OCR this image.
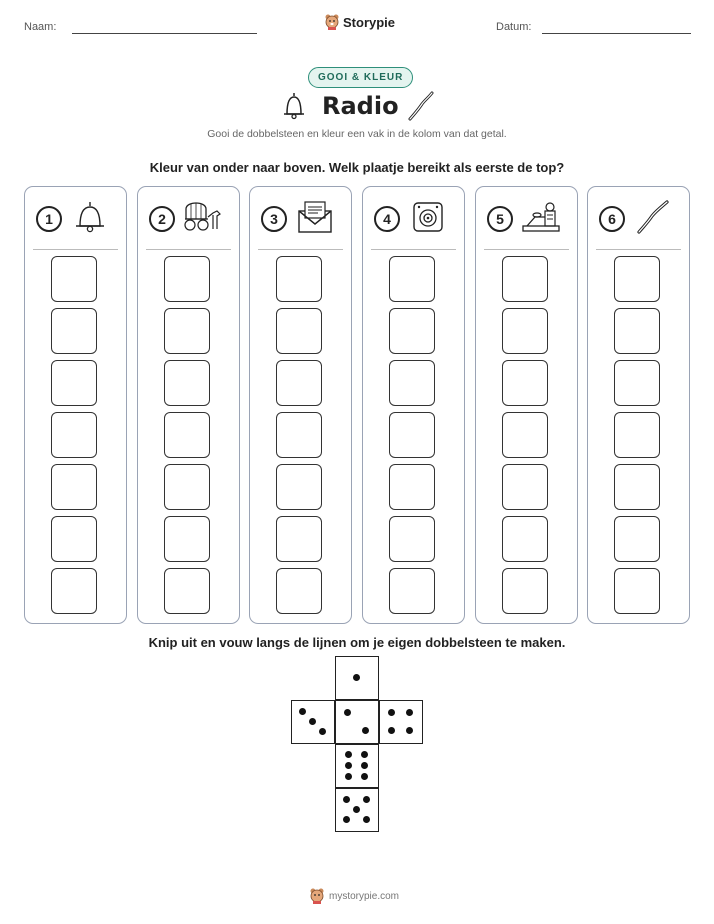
Naam:	Storypie	Datum:
GOOI & KLEUR
Radio
Gooi de dobbelsteen en kleur een vak in de kolom van dat getal.
Kleur van onder naar boven. Welk plaatje bereikt als eerste de top?
1	2	3	4	5	6
Knip uit en vouw langs de lijnen om je eigen dobbelsteen te maken.
mystorypie.com
